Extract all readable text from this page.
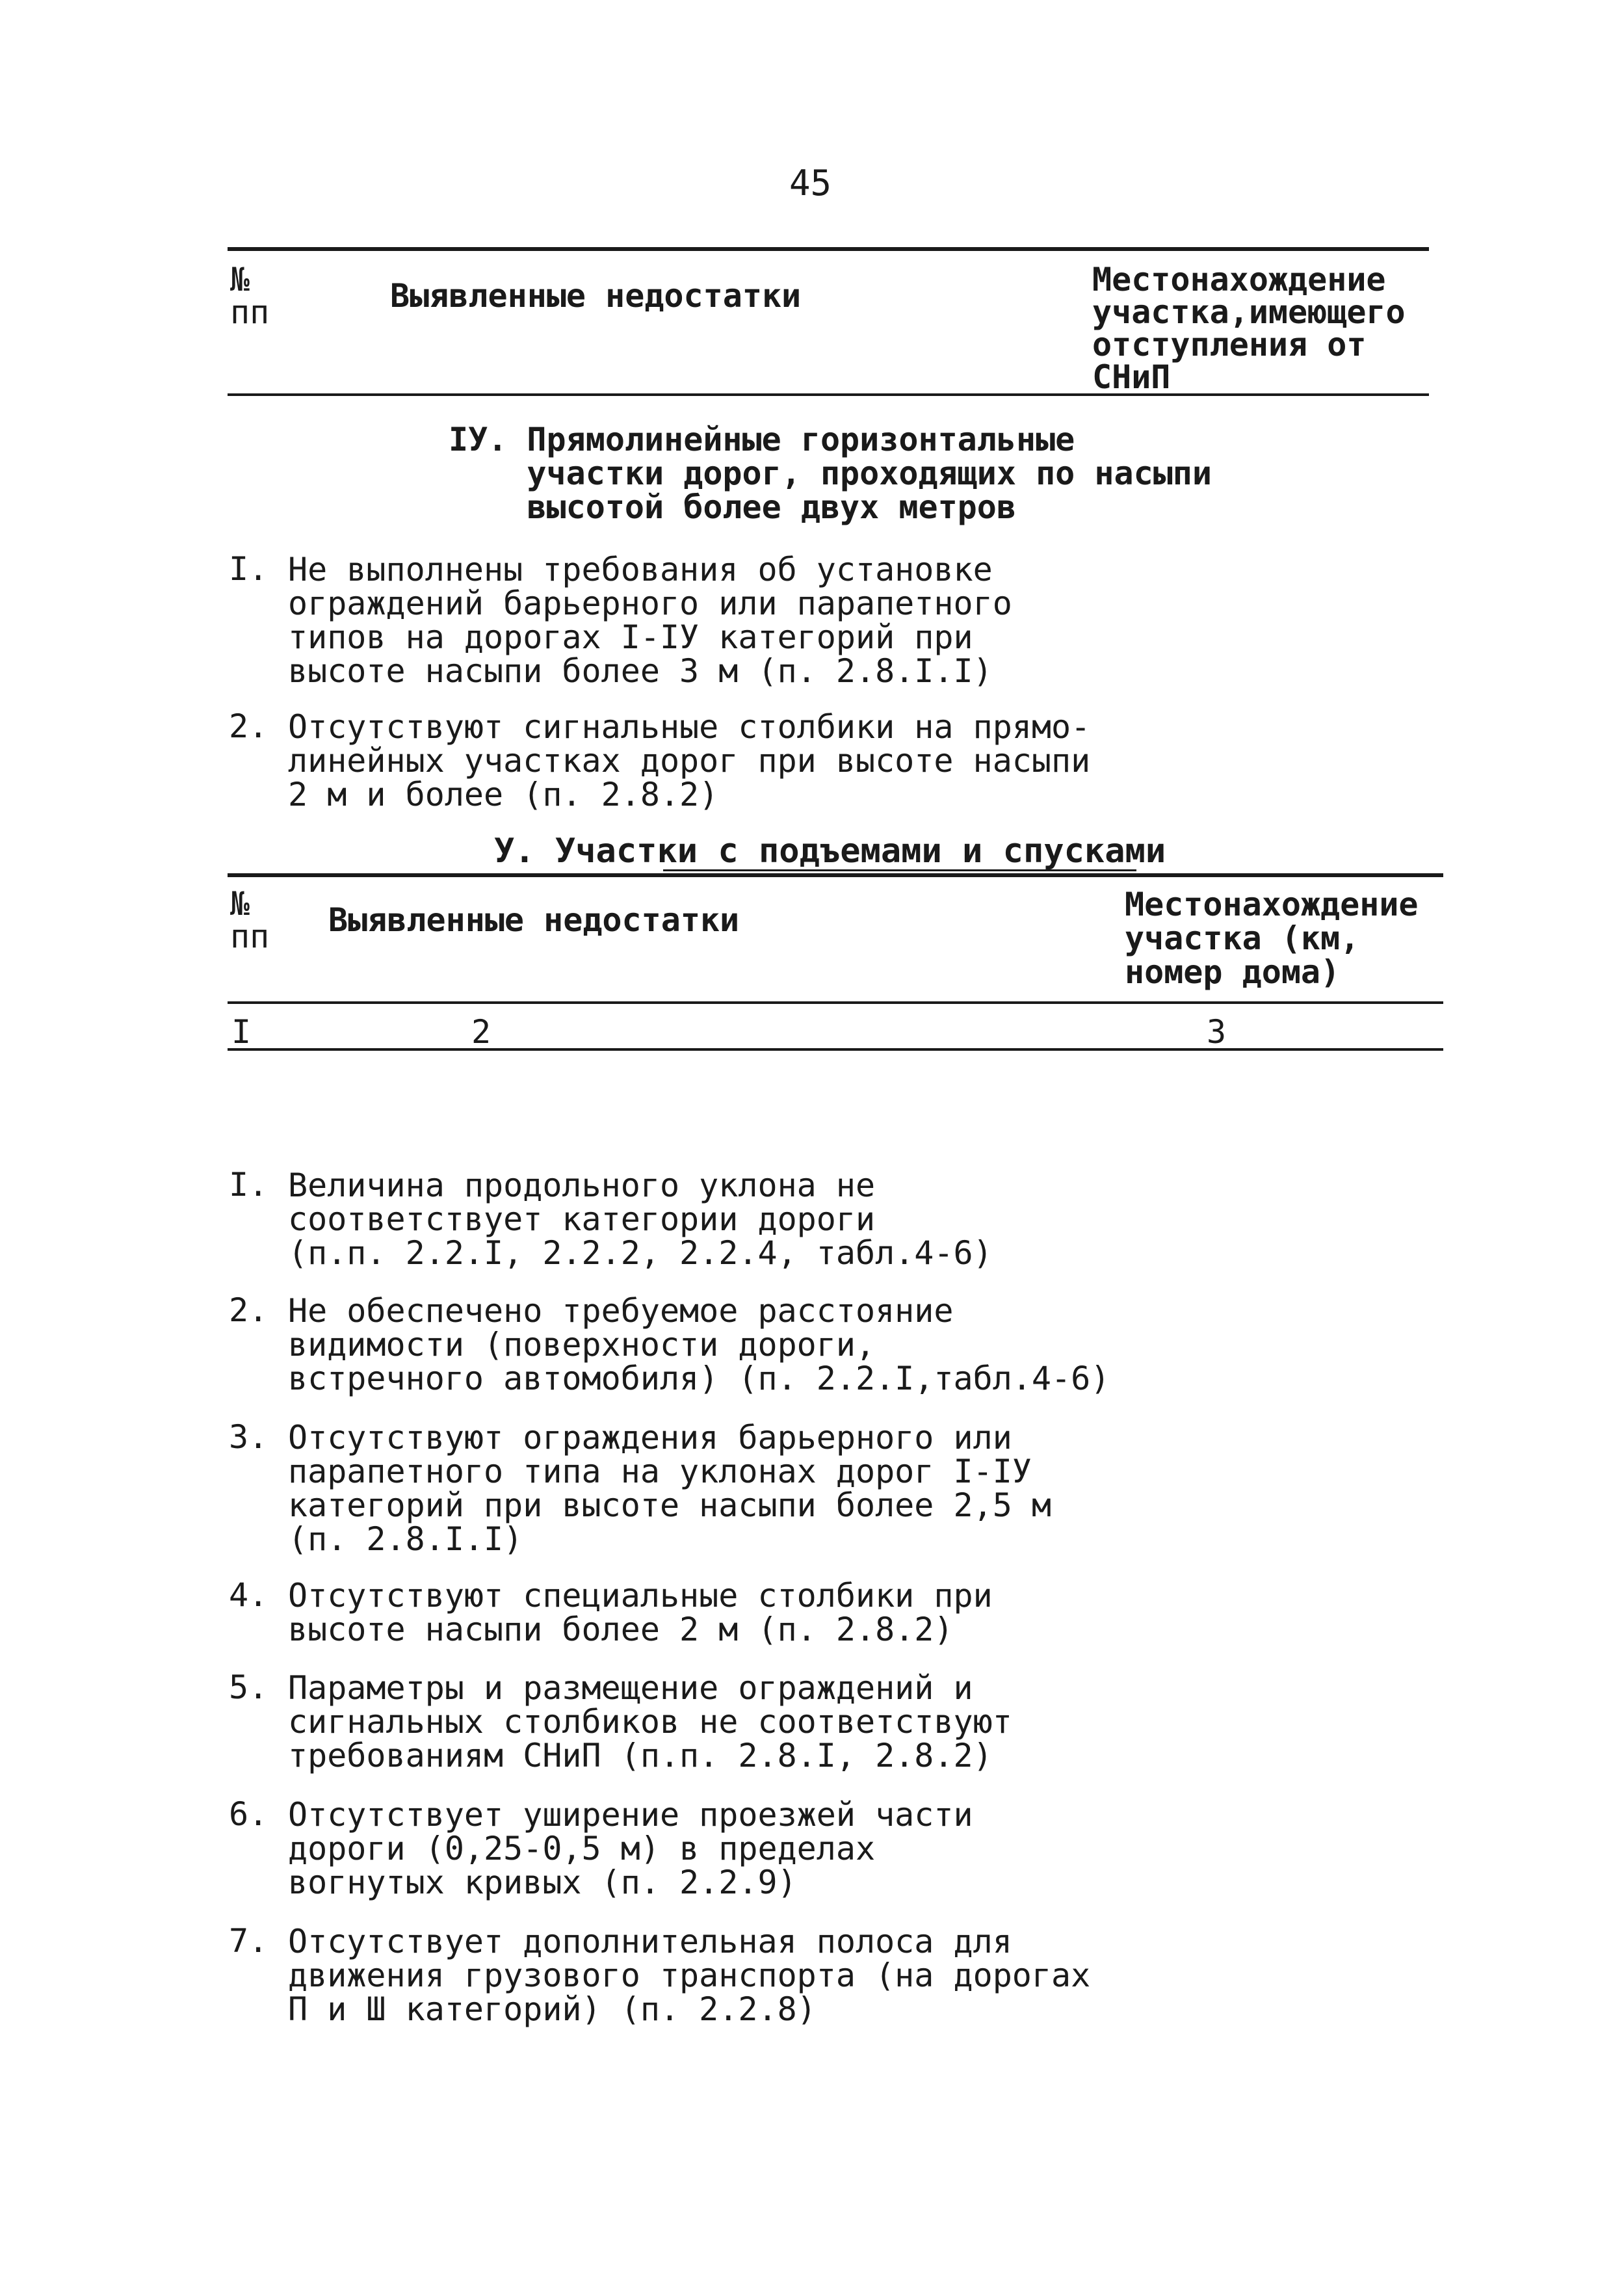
45
№
пп	Выявленные недостатки	Местонахождение
участка,имеющего
отступления от
СНиП
IУ. Прямолинейные горизонтальные
участки дорог, проходящих по насыпи
высотой более двух метров
I. Не выполнены требования об установке
ограждений барьерного или парапетного
типов на дорогах I-IУ категорий при
высоте насыпи более 3 м (п. 2.8.I.I)
2. Отсутствуют сигнальные столбики на прямо-
линейных участках дорог при высоте насыпи
2 м и более (п. 2.8.2)
У. Участки с подъемами и спусками
№
пп Выявленные недостатки	Местонахождение
участка (км,
номер дома)
I	2	3
I. Величина продольного уклона не
соответствует категории дороги
(п.п. 2.2.I, 2.2.2, 2.2.4, табл.4-6)
2. Не обеспечено требуемое расстояние
видимости (поверхности дороги,
встречного автомобиля) (п. 2.2.I,табл.4-6)
3. Отсутствуют ограждения барьерного или
парапетного типа на уклонах дорог I-IУ
категорий при высоте насыпи более 2,5 м
(п. 2.8.I.I)
4. Отсутствуют специальные столбики при
высоте насыпи более 2 м (п. 2.8.2)
5. Параметры и размещение ограждений и
сигнальных столбиков не соответствуют
требованиям СНиП (п.п. 2.8.I, 2.8.2)
6. Отсутствует уширение проезжей части
дороги (0,25-0,5 м) в пределах
вогнутых кривых (п. 2.2.9)
7. Отсутствует дополнительная полоса для
движения грузового транспорта (на дорогах
П и Ш категорий) (п. 2.2.8)
